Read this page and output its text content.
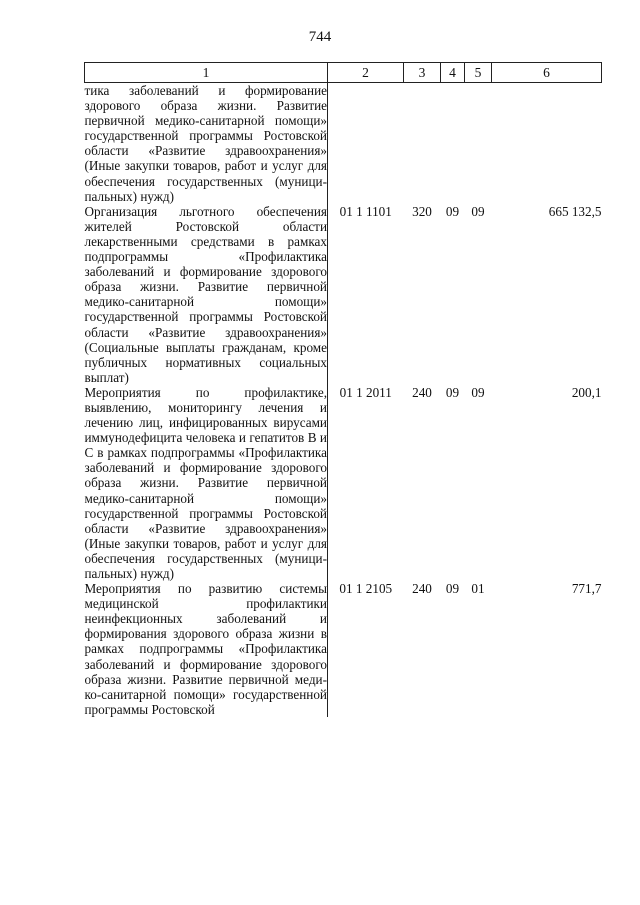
744
1	2	3	4	5	6
тика заболеваний и формирование здорового образа жизни. Развитие первичной медико-санитарной помощи» государственной программы Ростовской области «Развитие здравоохранения» (Иные закупки товаров, работ и услуг для обеспечения государственных (муниципальных) нужд)					
Организация льготного обеспечения жителей Ростовской области лекарственными средствами в рамках подпрограммы «Профилактика заболеваний и формирование здорового образа жизни. Развитие первичной медико-санитарной помощи» государственной программы Ростовской области «Развитие здравоохранения» (Социальные выплаты гражданам, кроме публичных нормативных социальных выплат)	01 1 1101	320	09	09	665 132,5
Мероприятия по профилактике, выявлению, мониторингу лечения и лечению лиц, инфицированных вирусами иммунодефицита человека и гепатитов В и С в рамках подпрограммы «Профилактика заболеваний и формирование здорового образа жизни. Развитие первичной медико-санитарной помощи» государственной программы Ростовской области «Развитие здравоохранения» (Иные закупки товаров, работ и услуг для обеспечения государственных (муниципальных) нужд)	01 1 2011	240	09	09	200,1
Мероприятия по развитию системы медицинской профилактики неинфекционных заболеваний и формирования здорового образа жизни в рамках подпрограммы «Профилактика заболеваний и формирование здорового образа жизни. Развитие первичной медико-санитарной помощи» государственной программы Ростовской	01 1 2105	240	09	01	771,7
